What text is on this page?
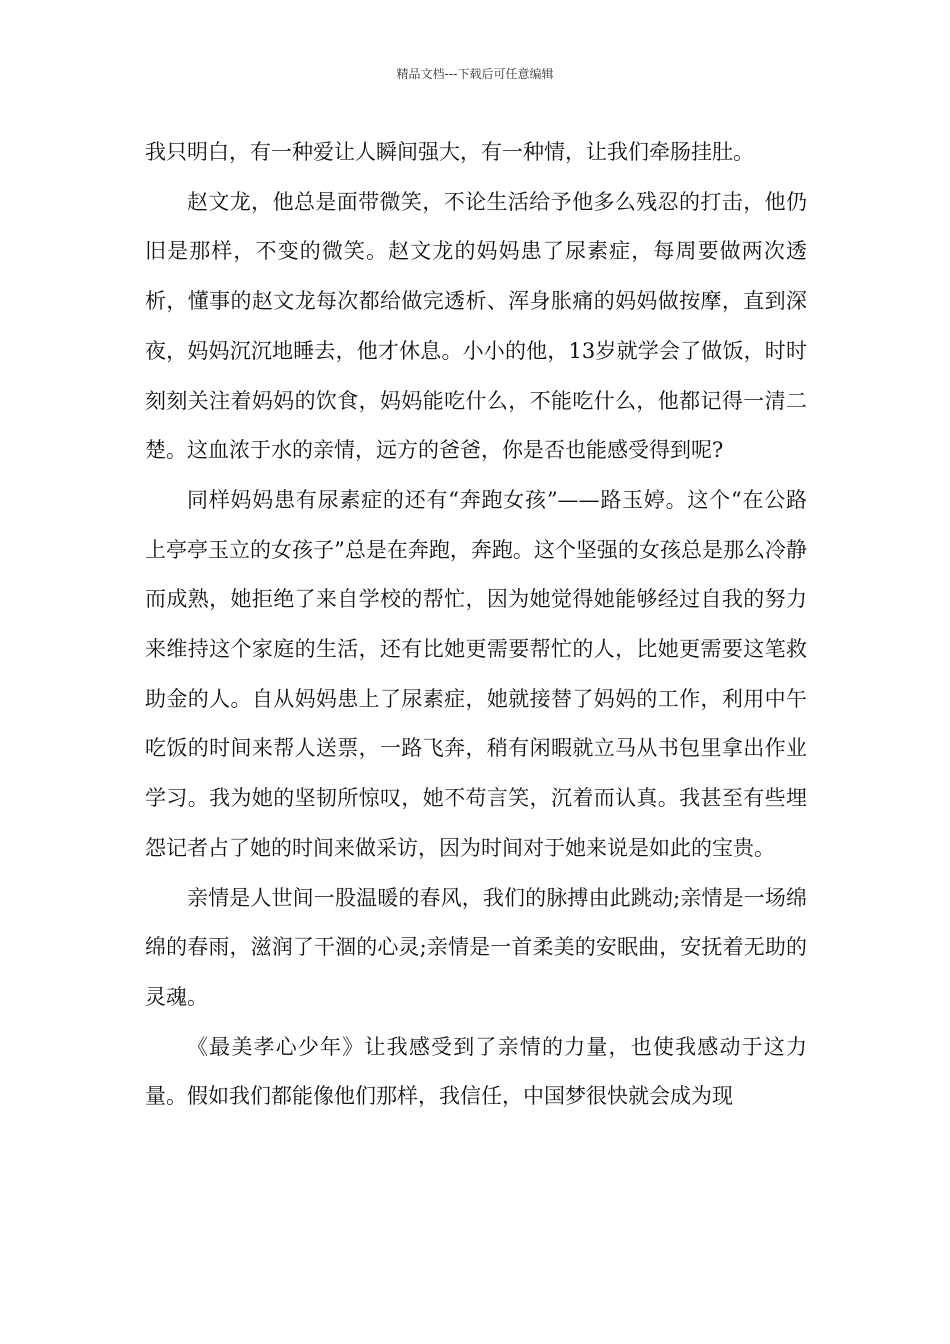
精品文档---下载后可任意编辑

我只明白，有一种爱让人瞬间强大，有一种情，让我们牵肠挂肚。

赵文龙，他总是面带微笑，不论生活给予他多么残忍的打击，他仍旧是那样，不变的微笑。赵文龙的妈妈患了尿素症，每周要做两次透析，懂事的赵文龙每次都给做完透析、浑身胀痛的妈妈做按摩，直到深夜，妈妈沉沉地睡去，他才休息。小小的他，13岁就学会了做饭，时时刻刻关注着妈妈的饮食，妈妈能吃什么，不能吃什么，他都记得一清二楚。这血浓于水的亲情，远方的爸爸，你是否也能感受得到呢?

同样妈妈患有尿素症的还有“奔跑女孩”——路玉婷。这个“在公路上亭亭玉立的女孩子”总是在奔跑，奔跑。这个坚强的女孩总是那么冷静而成熟，她拒绝了来自学校的帮忙，因为她觉得她能够经过自我的努力来维持这个家庭的生活，还有比她更需要帮忙的人，比她更需要这笔救助金的人。自从妈妈患上了尿素症，她就接替了妈妈的工作，利用中午吃饭的时间来帮人送票，一路飞奔，稍有闲暇就立马从书包里拿出作业学习。我为她的坚韧所惊叹，她不苟言笑，沉着而认真。我甚至有些埋怨记者占了她的时间来做采访，因为时间对于她来说是如此的宝贵。

亲情是人世间一股温暖的春风，我们的脉搏由此跳动;亲情是一场绵绵的春雨，滋润了干涸的心灵;亲情是一首柔美的安眠曲，安抚着无助的灵魂。

《最美孝心少年》让我感受到了亲情的力量，也使我感动于这力量。假如我们都能像他们那样，我信任，中国梦很快就会成为现
